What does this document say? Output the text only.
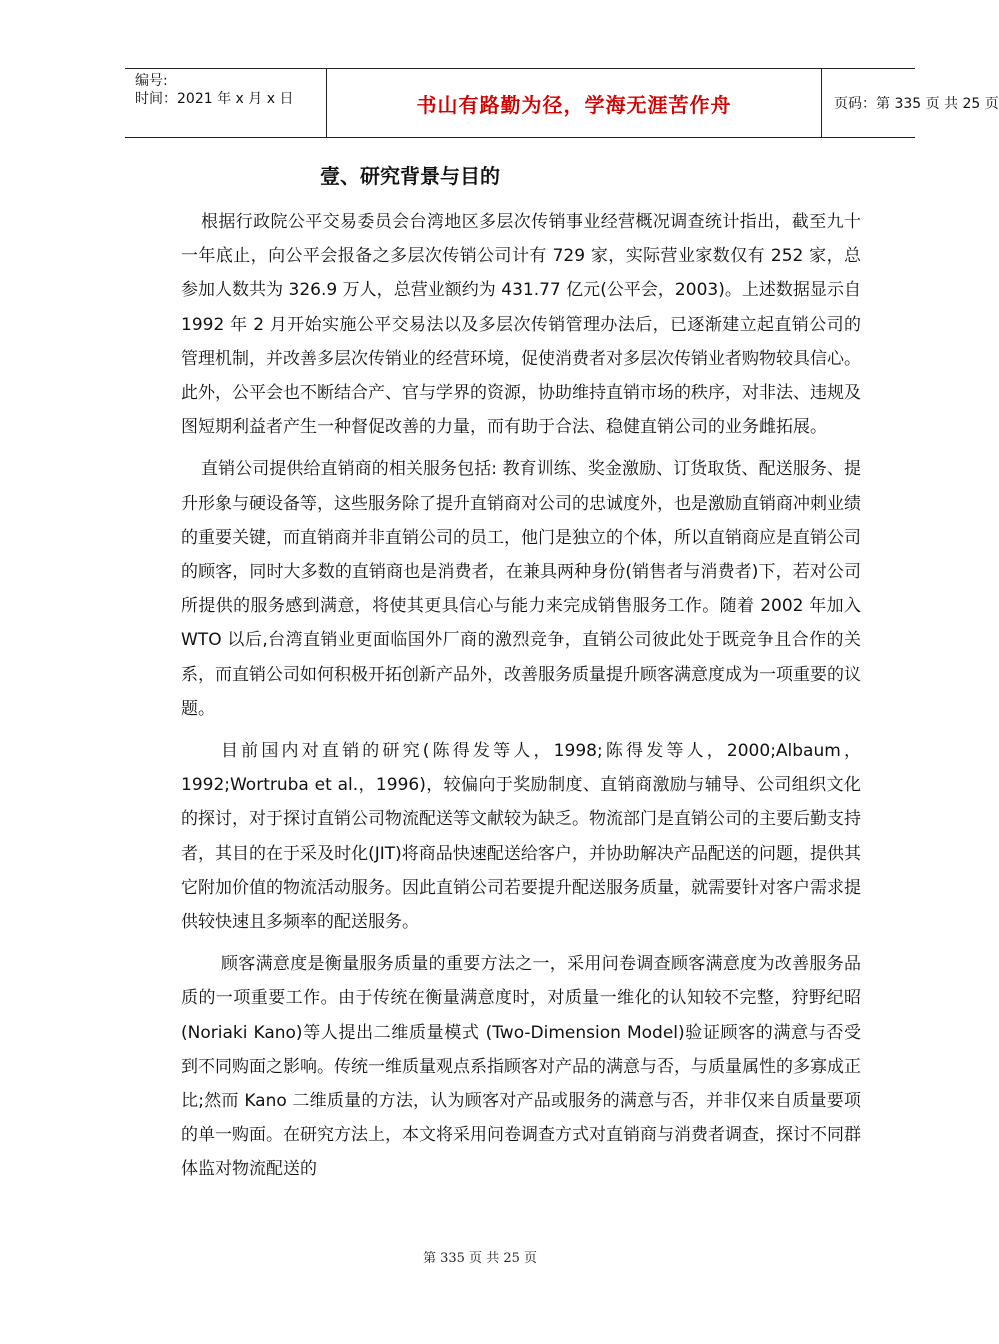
编号:
时间：2021 年 x 月 x 日	书山有路勤为径，学海无涯苦作舟	页码：第 335 页 共 25 页
壹、研究背景与目的

根据行政院公平交易委员会台湾地区多层次传销事业经营概况调查统计指出，截至九十一年底止，向公平会报备之多层次传销公司计有 729 家，实际营业家数仅有 252 家，总参加人数共为 326.9 万人，总营业额约为 431.77 亿元(公平会，2003)。上述数据显示自 1992 年 2 月开始实施公平交易法以及多层次传销管理办法后，已逐渐建立起直销公司的管理机制，并改善多层次传销业的经营环境，促使消费者对多层次传销业者购物较具信心。此外，公平会也不断结合产、官与学界的资源，协助维持直销市场的秩序，对非法、违规及图短期利益者产生一种督促改善的力量，而有助于合法、稳健直销公司的业务雌拓展。

直销公司提供给直销商的相关服务包括: 教育训练、奖金激励、订货取货、配送服务、提升形象与硬设备等，这些服务除了提升直销商对公司的忠诚度外，也是激励直销商冲刺业绩的重要关键，而直销商并非直销公司的员工，他门是独立的个体，所以直销商应是直销公司的顾客，同时大多数的直销商也是消费者，在兼具两种身份(销售者与消费者)下，若对公司所提供的服务感到满意，将使其更具信心与能力来完成销售服务工作。随着 2002 年加入 WTO 以后,台湾直销业更面临国外厂商的激烈竞争，直销公司彼此处于既竞争且合作的关系，而直销公司如何积极开拓创新产品外，改善服务质量提升顾客满意度成为一项重要的议题。

目前国内对直销的研究(陈得发等人，1998;陈得发等人，2000;Albaum，1992;Wortruba et al.，1996)，较偏向于奖励制度、直销商激励与辅导、公司组织文化的探讨，对于探讨直销公司物流配送等文献较为缺乏。物流部门是直销公司的主要后勤支持者，其目的在于采及时化(JIT)将商品快速配送给客户，并协助解决产品配送的问题，提供其它附加价值的物流活动服务。因此直销公司若要提升配送服务质量，就需要针对客户需求提供较快速且多频率的配送服务。

顾客满意度是衡量服务质量的重要方法之一，采用问卷调查顾客满意度为改善服务品质的一项重要工作。由于传统在衡量满意度时，对质量一维化的认知较不完整，狩野纪昭 (Noriaki Kano)等人提出二维质量模式 (Two-Dimension Model)验证顾客的满意与否受到不同购面之影响。传统一维质量观点系指顾客对产品的满意与否，与质量属性的多寡成正比;然而 Kano 二维质量的方法，认为顾客对产品或服务的满意与否，并非仅来自质量要项的单一购面。在研究方法上，本文将采用问卷调查方式对直销商与消费者调查，探讨不同群体监对物流配送的

第 335 页 共 25 页
